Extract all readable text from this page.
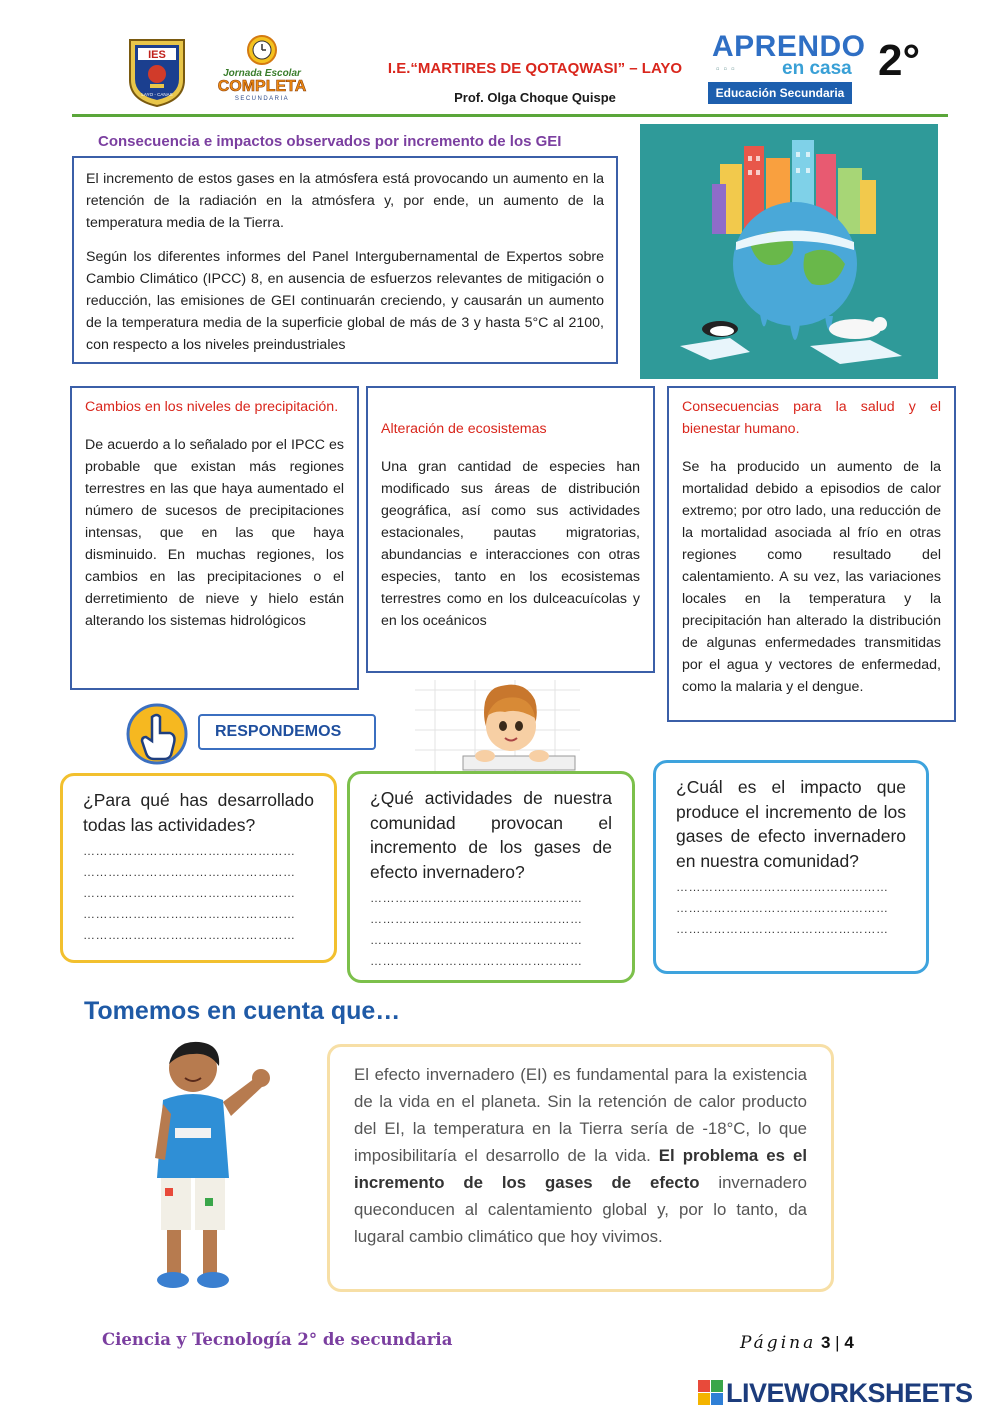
IES
LAYO - CANAS
Jornada Escolar
COMPLETA
SECUNDARIA
I.E.“MARTIRES DE QOTAQWASI” – LAYO
Prof. Olga Choque Quispe
APRENDO
▫▫▫ en casa
Educación Secundaria
2°
Consecuencia e impactos observados por incremento de los GEI

El incremento de estos gases en la atmósfera está provocando un aumento en la retención de la radiación en la atmósfera y, por ende, un aumento de la temperatura media de la Tierra.

Según los diferentes informes del Panel Intergubernamental de Expertos sobre Cambio Climático (IPCC) 8, en ausencia de esfuerzos relevantes de mitigación o reducción, las emisiones de GEI continuarán creciendo, y causarán un aumento de la temperatura media de la superficie global de más de 3 y hasta 5°C al 2100, con respecto a los niveles preindustriales

Cambios en los niveles de precipitación.
De acuerdo a lo señalado por el IPCC es probable que existan más regiones terrestres en las que haya aumentado el número de sucesos de precipitaciones intensas, que en las que haya disminuido. En muchas regiones, los cambios en las precipitaciones o el derretimiento de nieve y hielo están alterando los sistemas hidrológicos
Alteración de ecosistemas
Una gran cantidad de especies han modificado sus áreas de distribución geográfica, así como sus actividades estacionales, pautas migratorias, abundancias e interacciones con otras especies, tanto en los ecosistemas terrestres como en los dulceacuícolas y en los oceánicos
Consecuencias para la salud y el bienestar humano.
Se ha producido un aumento de la mortalidad debido a episodios de calor extremo; por otro lado, una reducción de la mortalidad asociada al frío en otras regiones como resultado del calentamiento. A su vez, las variaciones locales en la temperatura y la precipitación han alterado la distribución de algunas enfermedades transmitidas por el agua y vectores de enfermedad, como la malaria y el dengue.
RESPONDEMOS
¿Para qué has desarrollado todas las actividades?
……………………………………………
……………………………………………
……………………………………………
……………………………………………
……………………………………………
¿Qué actividades de nuestra comunidad provocan el incremento de los gases de efecto invernadero?
……………………………………………
……………………………………………
……………………………………………
……………………………………………
¿Cuál es el impacto que produce el incremento de los gases de efecto invernadero en nuestra comunidad?
……………………………………………
……………………………………………
……………………………………………
Tomemos en cuenta que…
El efecto invernadero (EI) es fundamental para la existencia de la vida en el planeta. Sin la retención de calor producto del EI, la temperatura en la Tierra sería de -18°C, lo que imposibilitaría el desarrollo de la vida. El problema es el incremento de los gases de efecto invernadero queconducen al calentamiento global y, por lo tanto, da lugaral cambio climático que hoy vivimos.
Ciencia y Tecnología 2° de secundaria	Página 3 | 4
LIVEWORKSHEETS
